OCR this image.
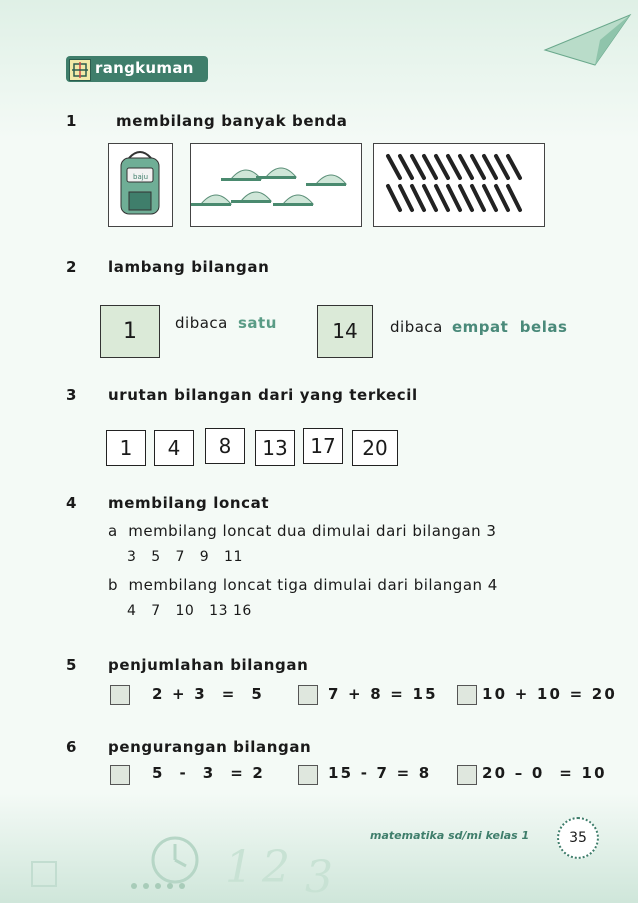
rangkuman
1	membilang banyak benda
baju
2 lambang bilangan
1	dibaca satu	14	dibaca empat  belas
3 urutan bilangan dari yang terkecil
1	4	8	13	17	20
4 membilang loncat
a  membilang loncat dua dimulai dari bilangan 3
3   5   7   9   11
b  membilang loncat tiga dimulai dari bilangan 4
4   7   10   13 16
5 penjumlahan bilangan
2 + 3  =  5	7 + 8 = 15	10 + 10 = 20
6 pengurangan bilangan
5  -  3  = 2	15 - 7 = 8	20 – 0  = 10
1 2 3
matematika sd/mi kelas 1	35
